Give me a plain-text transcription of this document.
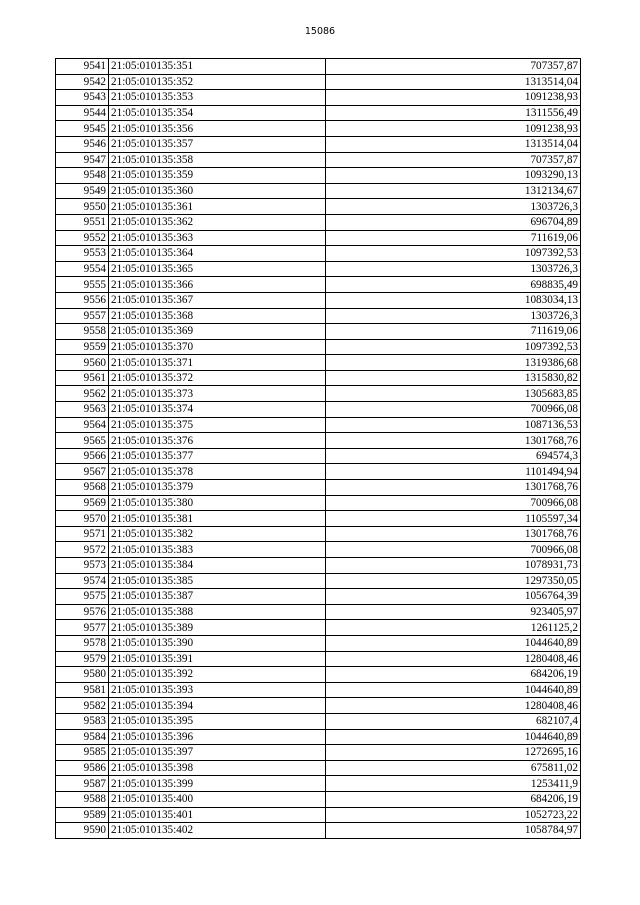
15086
9541	21:05:010135:351	707357,87
9542	21:05:010135:352	1313514,04
9543	21:05:010135:353	1091238,93
9544	21:05:010135:354	1311556,49
9545	21:05:010135:356	1091238,93
9546	21:05:010135:357	1313514,04
9547	21:05:010135:358	707357,87
9548	21:05:010135:359	1093290,13
9549	21:05:010135:360	1312134,67
9550	21:05:010135:361	1303726,3
9551	21:05:010135:362	696704,89
9552	21:05:010135:363	711619,06
9553	21:05:010135:364	1097392,53
9554	21:05:010135:365	1303726,3
9555	21:05:010135:366	698835,49
9556	21:05:010135:367	1083034,13
9557	21:05:010135:368	1303726,3
9558	21:05:010135:369	711619,06
9559	21:05:010135:370	1097392,53
9560	21:05:010135:371	1319386,68
9561	21:05:010135:372	1315830,82
9562	21:05:010135:373	1305683,85
9563	21:05:010135:374	700966,08
9564	21:05:010135:375	1087136,53
9565	21:05:010135:376	1301768,76
9566	21:05:010135:377	694574,3
9567	21:05:010135:378	1101494,94
9568	21:05:010135:379	1301768,76
9569	21:05:010135:380	700966,08
9570	21:05:010135:381	1105597,34
9571	21:05:010135:382	1301768,76
9572	21:05:010135:383	700966,08
9573	21:05:010135:384	1078931,73
9574	21:05:010135:385	1297350,05
9575	21:05:010135:387	1056764,39
9576	21:05:010135:388	923405,97
9577	21:05:010135:389	1261125,2
9578	21:05:010135:390	1044640,89
9579	21:05:010135:391	1280408,46
9580	21:05:010135:392	684206,19
9581	21:05:010135:393	1044640,89
9582	21:05:010135:394	1280408,46
9583	21:05:010135:395	682107,4
9584	21:05:010135:396	1044640,89
9585	21:05:010135:397	1272695,16
9586	21:05:010135:398	675811,02
9587	21:05:010135:399	1253411,9
9588	21:05:010135:400	684206,19
9589	21:05:010135:401	1052723,22
9590	21:05:010135:402	1058784,97
